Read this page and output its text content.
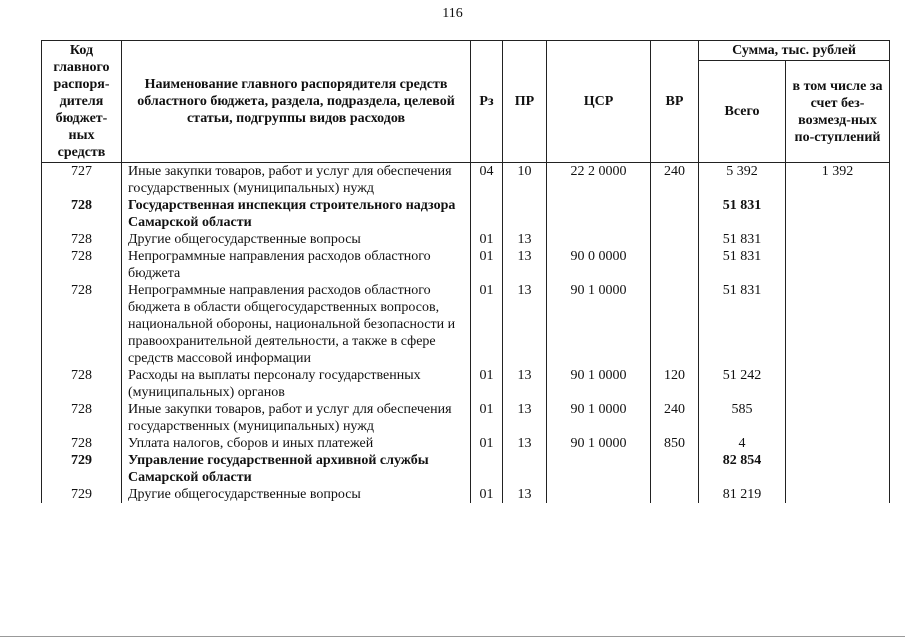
116
Код главного распоря-дителя бюджет-ных средств	Наименование главного распорядителя средств областного бюджета, раздела, подраздела, целевой статьи, подгруппы видов расходов	Рз	ПР	ЦСР	ВР	Сумма, тыс. рублей	
						Всего	в том числе за счет без-возмезд-ных по-ступлений
727	Иные закупки товаров, работ и услуг для обеспечения государственных (муниципальных) нужд	04	10	22 2 0000	240	5 392	1 392
728	Государственная инспекция строительного надзора Самарской области					51 831	
728	Другие общегосударственные вопросы	01	13			51 831	
728	Непрограммные направления расходов областного бюджета	01	13	90 0 0000		51 831	
728	Непрограммные направления расходов областного бюджета в области общегосударственных вопросов, национальной обороны, национальной безопасности и правоохранительной деятельности, а также в сфере средств массовой информации	01	13	90 1 0000		51 831	
728	Расходы на выплаты персоналу государственных (муниципальных) органов	01	13	90 1 0000	120	51 242	
728	Иные закупки товаров, работ и услуг для обеспечения государственных (муниципальных) нужд	01	13	90 1 0000	240	585	
728	Уплата налогов, сборов и иных платежей	01	13	90 1 0000	850	4	
729	Управление государственной архивной службы Самарской области					82 854	
729	Другие общегосударственные вопросы	01	13			81 219	
